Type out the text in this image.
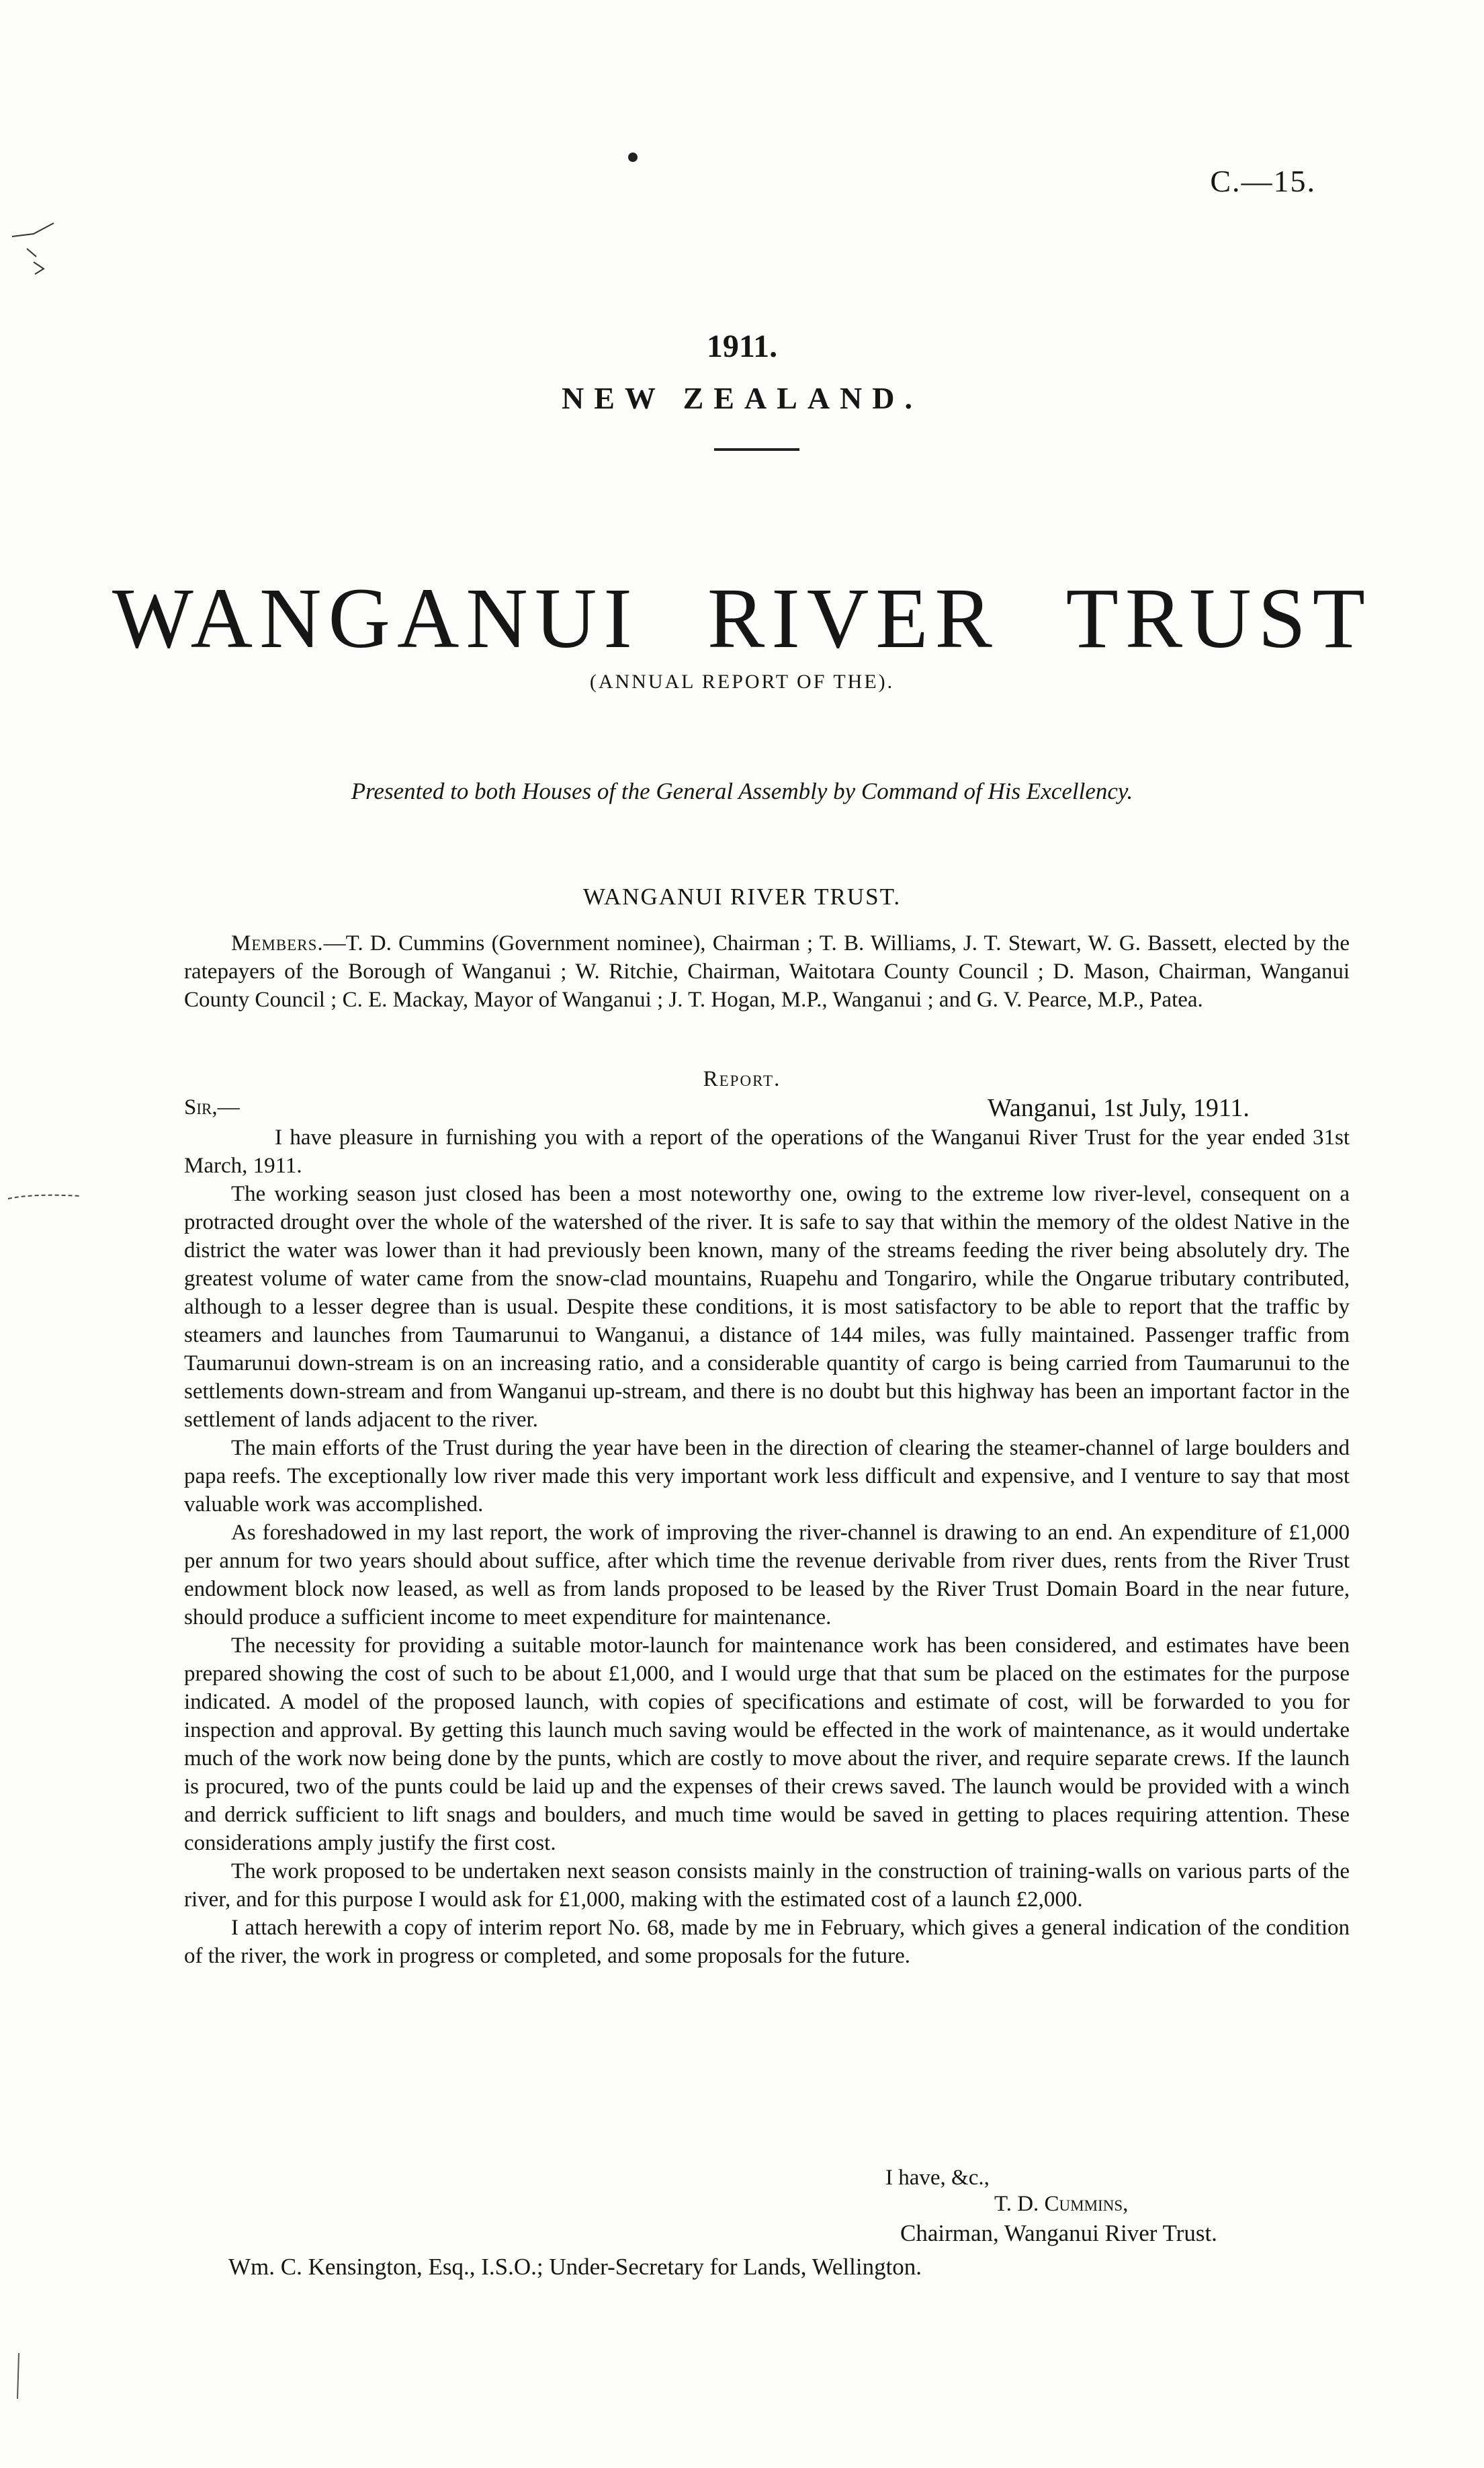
C.—15.
1911.
NEW ZEALAND.
WANGANUI RIVER TRUST
(ANNUAL REPORT OF THE).
Presented to both Houses of the General Assembly by Command of His Excellency.
WANGANUI RIVER TRUST.
Members.—T. D. Cummins (Government nominee), Chairman ; T. B. Williams, J. T. Stewart, W. G. Bassett, elected by the ratepayers of the Borough of Wanganui ; W. Ritchie, Chairman, Waitotara County Council ; D. Mason, Chairman, Wanganui County Council ; C. E. Mackay, Mayor of Wanganui ; J. T. Hogan, M.P., Wanganui ; and G. V. Pearce, M.P., Patea.
Report.
Sir,—	Wanganui, 1st July, 1911.

I have pleasure in furnishing you with a report of the operations of the Wanganui River Trust for the year ended 31st March, 1911.

The working season just closed has been a most noteworthy one, owing to the extreme low river-level, consequent on a protracted drought over the whole of the watershed of the river. It is safe to say that within the memory of the oldest Native in the district the water was lower than it had previously been known, many of the streams feeding the river being absolutely dry. The greatest volume of water came from the snow-clad mountains, Ruapehu and Tongariro, while the Ongarue tributary contributed, although to a lesser degree than is usual. Despite these conditions, it is most satisfactory to be able to report that the traffic by steamers and launches from Taumarunui to Wanganui, a distance of 144 miles, was fully maintained. Passenger traffic from Taumarunui down-stream is on an increasing ratio, and a considerable quantity of cargo is being carried from Taumarunui to the settlements down-stream and from Wanganui up-stream, and there is no doubt but this highway has been an important factor in the settlement of lands adjacent to the river.

The main efforts of the Trust during the year have been in the direction of clearing the steamer-channel of large boulders and papa reefs. The exceptionally low river made this very important work less difficult and expensive, and I venture to say that most valuable work was accomplished.

As foreshadowed in my last report, the work of improving the river-channel is drawing to an end. An expenditure of £1,000 per annum for two years should about suffice, after which time the revenue derivable from river dues, rents from the River Trust endowment block now leased, as well as from lands proposed to be leased by the River Trust Domain Board in the near future, should produce a sufficient income to meet expenditure for maintenance.

The necessity for providing a suitable motor-launch for maintenance work has been considered, and estimates have been prepared showing the cost of such to be about £1,000, and I would urge that that sum be placed on the estimates for the purpose indicated. A model of the proposed launch, with copies of specifications and estimate of cost, will be forwarded to you for inspection and approval. By getting this launch much saving would be effected in the work of maintenance, as it would undertake much of the work now being done by the punts, which are costly to move about the river, and require separate crews. If the launch is procured, two of the punts could be laid up and the expenses of their crews saved. The launch would be provided with a winch and derrick sufficient to lift snags and boulders, and much time would be saved in getting to places requiring attention. These considerations amply justify the first cost.

The work proposed to be undertaken next season consists mainly in the construction of training-walls on various parts of the river, and for this purpose I would ask for £1,000, making with the estimated cost of a launch £2,000.

I attach herewith a copy of interim report No. 68, made by me in February, which gives a general indication of the condition of the river, the work in progress or completed, and some proposals for the future.

I have, &c.,
T. D. Cummins,
Chairman, Wanganui River Trust.
Wm. C. Kensington, Esq., I.S.O.; Under-Secretary for Lands, Wellington.
